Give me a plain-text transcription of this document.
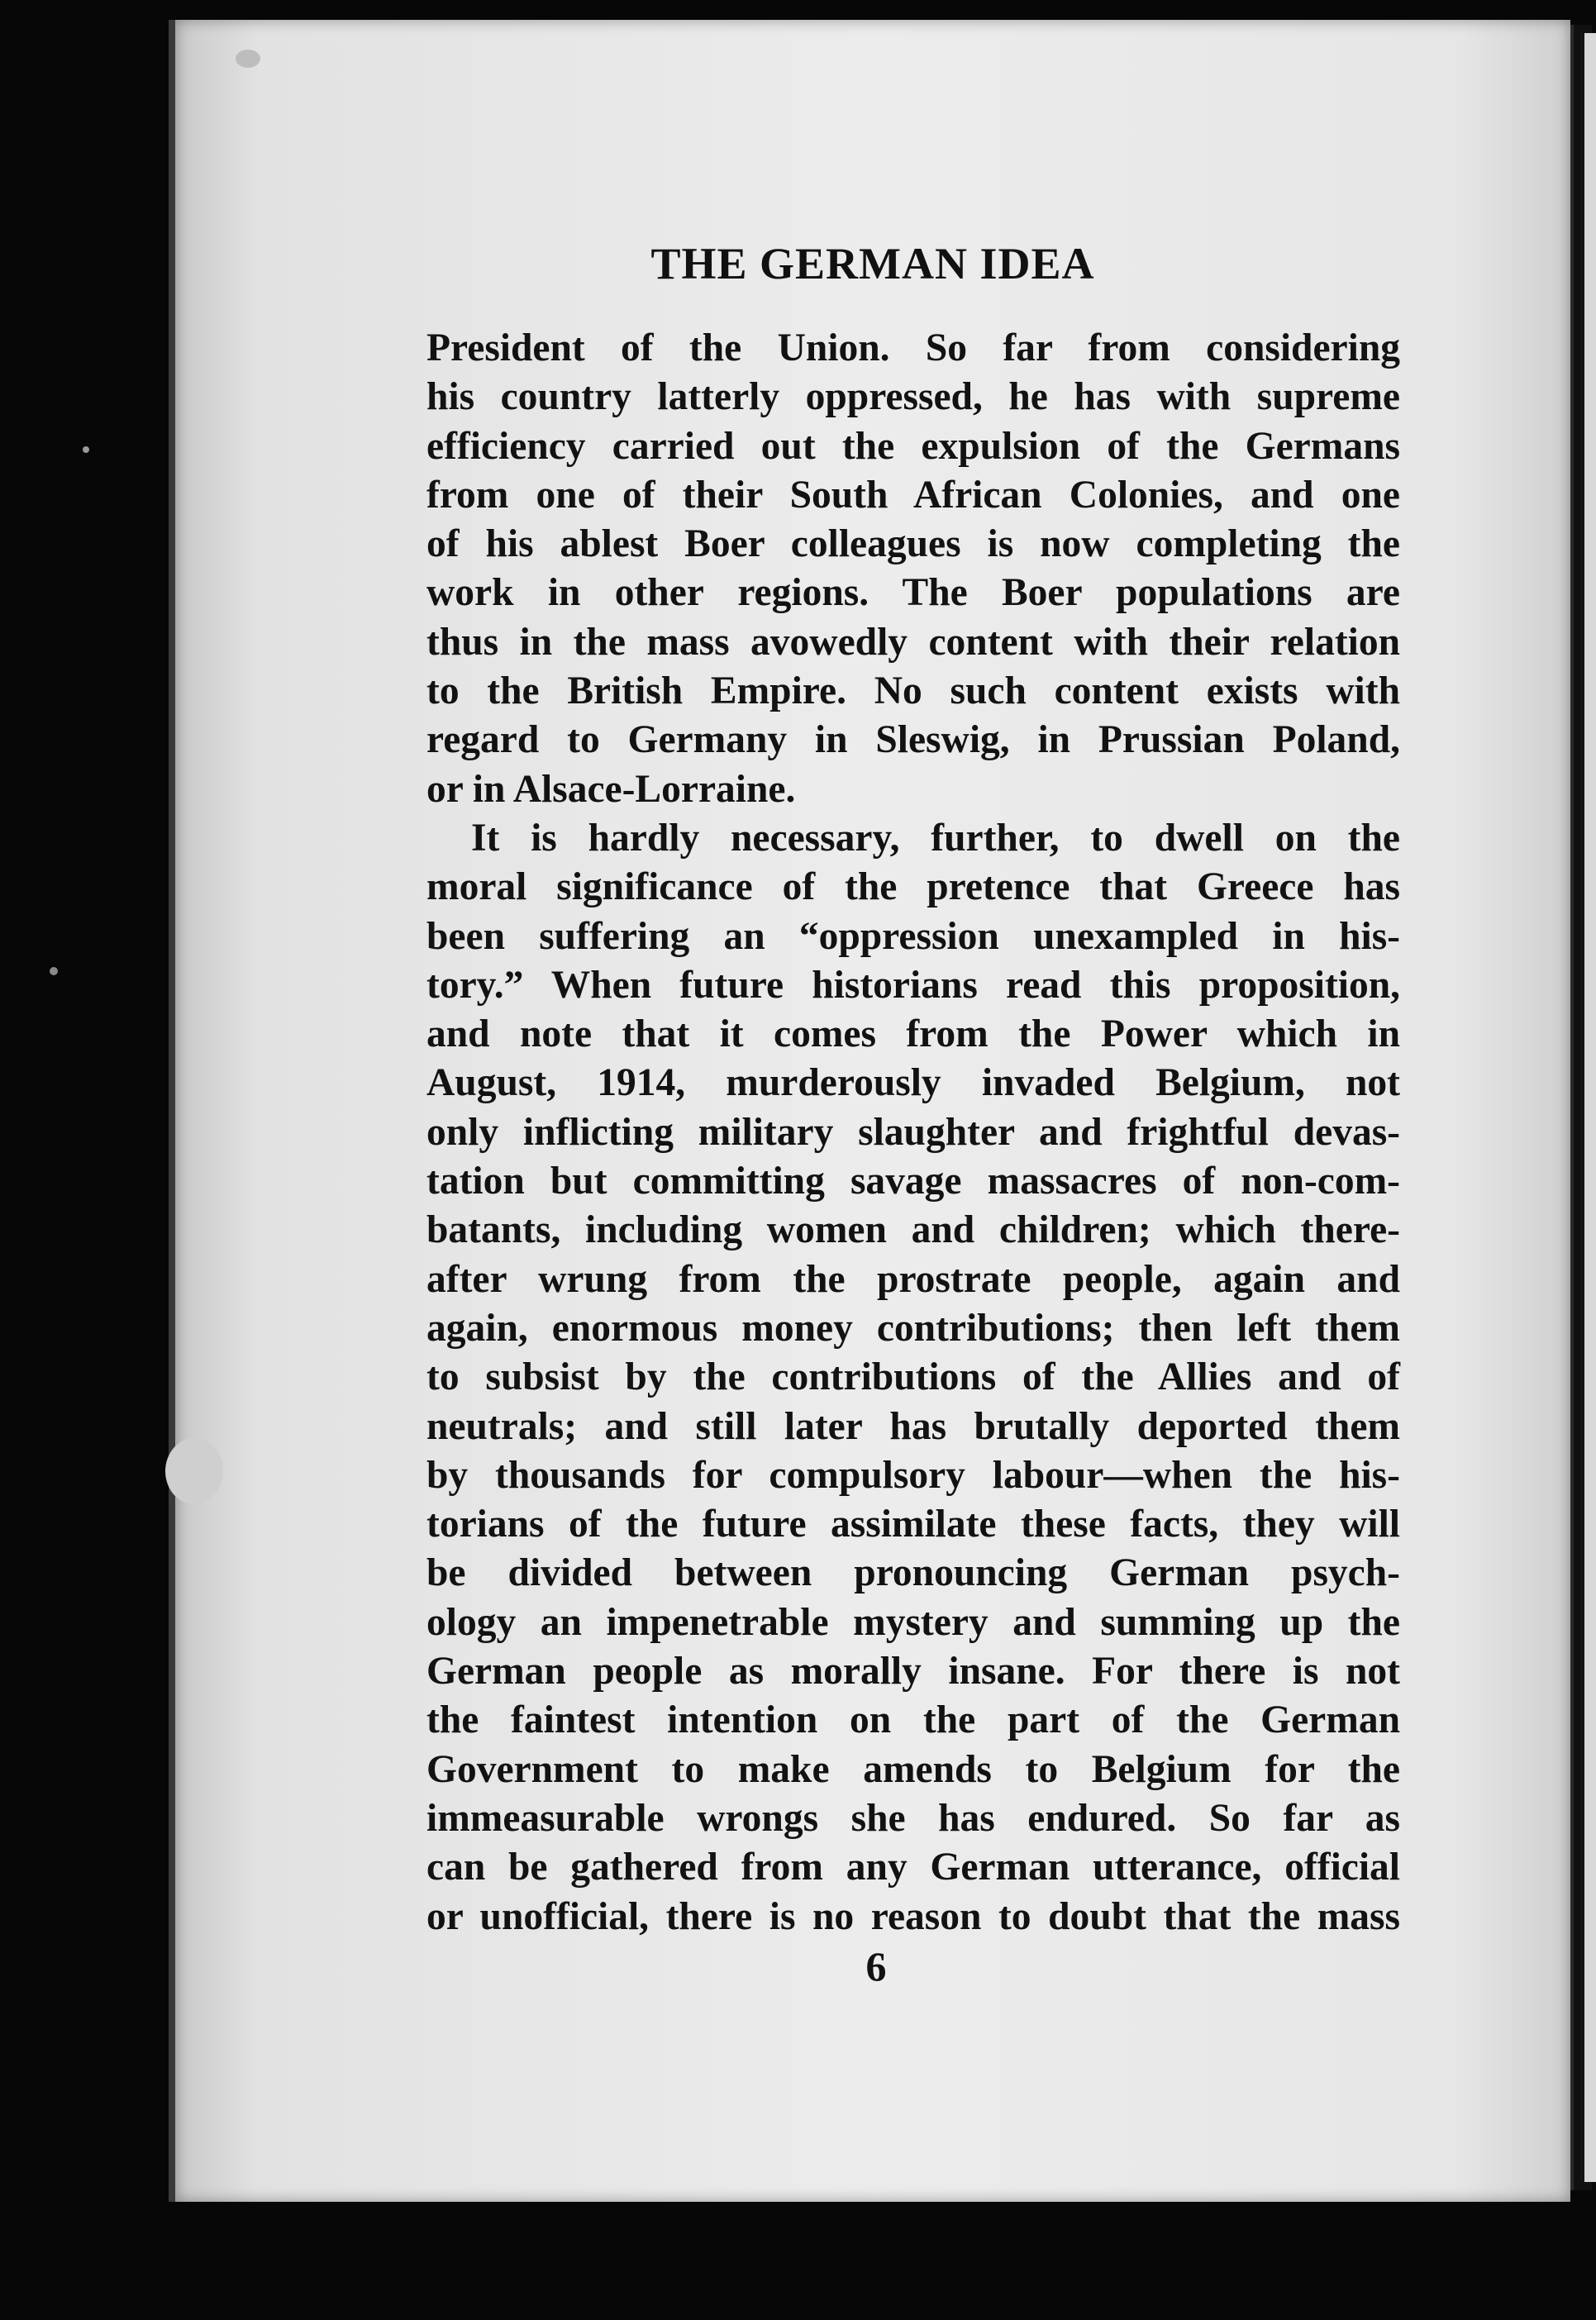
THE GERMAN IDEA
President of the Union. So far from considering
his country latterly oppressed, he has with supreme
efficiency carried out the expulsion of the Germans
from one of their South African Colonies, and one
of his ablest Boer colleagues is now completing the
work in other regions. The Boer populations are
thus in the mass avowedly content with their relation
to the British Empire. No such content exists with
regard to Germany in Sleswig, in Prussian Poland,
or in Alsace-Lorraine.
It is hardly necessary, further, to dwell on the
moral significance of the pretence that Greece has
been suffering an “oppression unexampled in his-
tory.” When future historians read this proposition,
and note that it comes from the Power which in
August, 1914, murderously invaded Belgium, not
only inflicting military slaughter and frightful devas-
tation but committing savage massacres of non-com-
batants, including women and children; which there-
after wrung from the prostrate people, again and
again, enormous money contributions; then left them
to subsist by the contributions of the Allies and of
neutrals; and still later has brutally deported them
by thousands for compulsory labour—when the his-
torians of the future assimilate these facts, they will
be divided between pronouncing German psych-
ology an impenetrable mystery and summing up the
German people as morally insane. For there is not
the faintest intention on the part of the German
Government to make amends to Belgium for the
immeasurable wrongs she has endured. So far as
can be gathered from any German utterance, official
or unofficial, there is no reason to doubt that the mass
6
